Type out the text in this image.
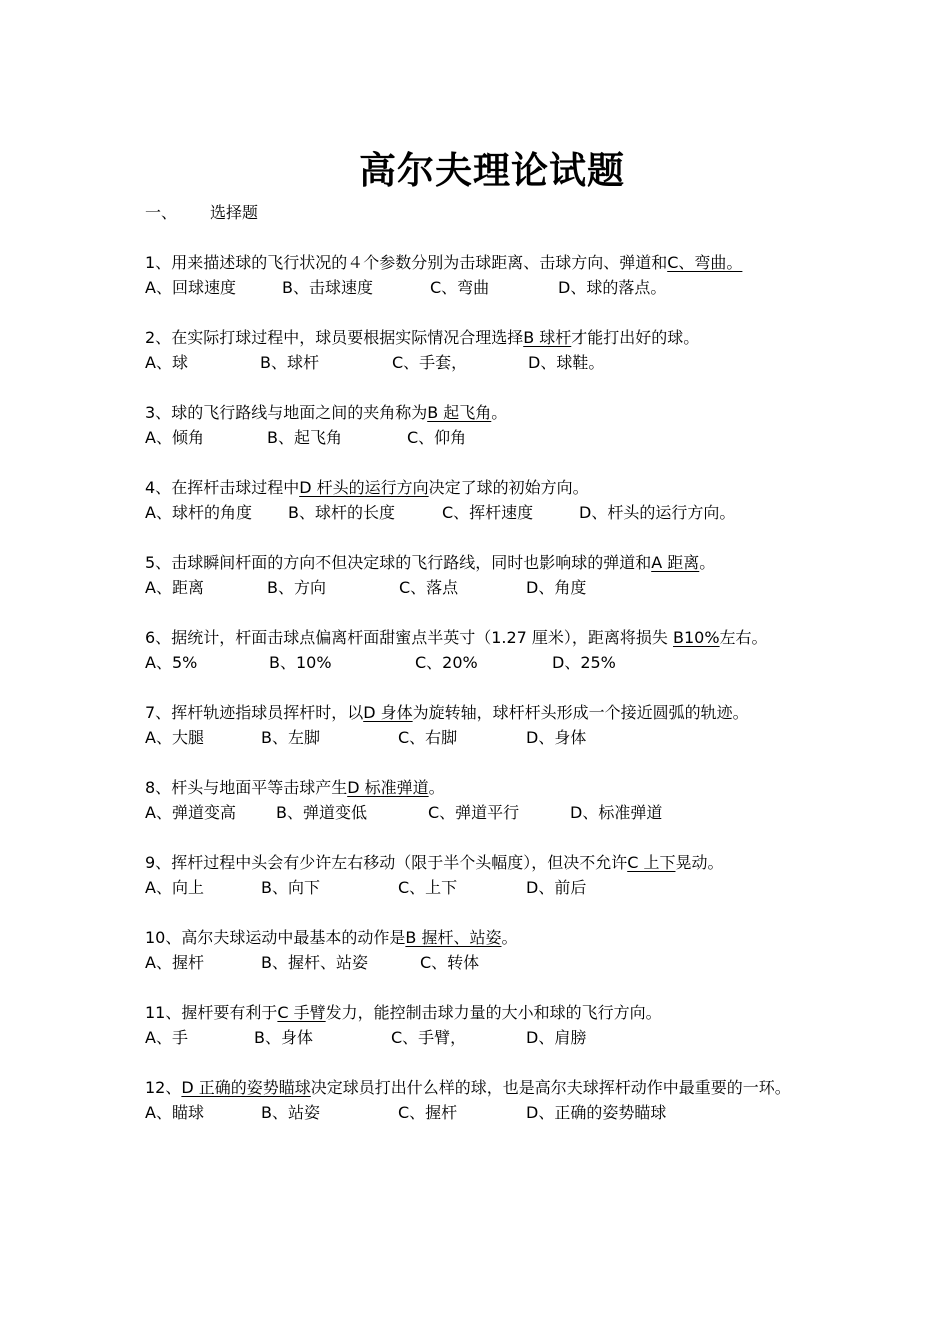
高尔夫理论试题
一、 选择题

1、用来描述球的飞行状况的４个参数分别为击球距离、击球方向、弹道和C、弯曲。

A、回球速度	B、击球速度	C、弯曲	D、球的落点。

2、在实际打球过程中，球员要根据实际情况合理选择B 球杆才能打出好的球。

A、球	B、球杆	C、手套，	D、球鞋。

3、球的飞行路线与地面之间的夹角称为B 起飞角。

A、倾角	B、起飞角	C、仰角

4、在挥杆击球过程中D 杆头的运行方向决定了球的初始方向。

A、球杆的角度 B、球杆的长度	C、挥杆速度	D、杆头的运行方向。

5、击球瞬间杆面的方向不但决定球的飞行路线，同时也影响球的弹道和A 距离。

A、距离	B、方向	C、落点	D、角度

6、据统计，杆面击球点偏离杆面甜蜜点半英寸（1.27 厘米），距离将损失 B10%左右。

A、5%	B、10%	C、20%	D、25%

7、挥杆轨迹指球员挥杆时，以D 身体为旋转轴，球杆杆头形成一个接近圆弧的轨迹。

A、大腿	B、左脚	C、右脚	D、身体

8、杆头与地面平等击球产生D 标准弹道。

A、弹道变高	B、弹道变低	C、弹道平行	D、标准弹道

9、挥杆过程中头会有少许左右移动（限于半个头幅度），但决不允许C 上下晃动。

A、向上	B、向下	C、上下	D、前后

10、高尔夫球运动中最基本的动作是B 握杆、站姿。

A、握杆	B、握杆、站姿	C、转体

11、握杆要有利于C 手臂发力，能控制击球力量的大小和球的飞行方向。

A、手	B、身体	C、手臂，	D、肩膀

12、D 正确的姿势瞄球决定球员打出什么样的球，也是高尔夫球挥杆动作中最重要的一环。

A、瞄球	B、站姿	C、握杆	D、正确的姿势瞄球
